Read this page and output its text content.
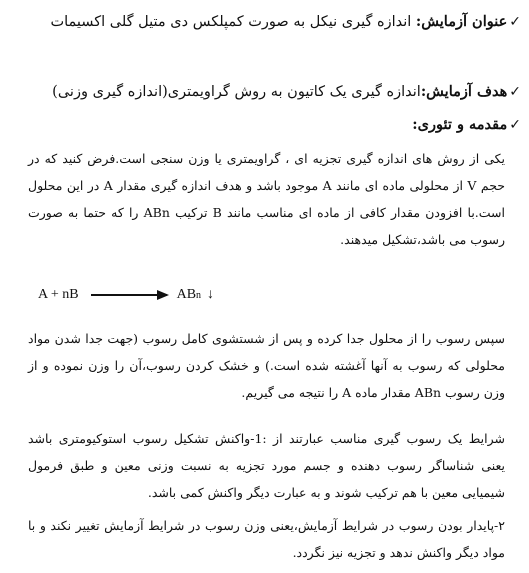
✓عنوان آزمایش: اندازه گیری نیکل به صورت کمپلکس دی متیل گلی اکسیمات
✓هدف آزمایش:اندازه گیری یک کاتیون به روش گراویمتری(اندازه گیری وزنی)
✓مقدمه و تئوری:
یکی از روش های اندازه گیری تجزیه ای ، گراویمتری یا وزن سنجی است.فرض کنید که در حجم V از محلولی ماده ای مانند A موجود باشد و هدف اندازه گیری مقدار A در این محلول است.با افزودن مقدار کافی از ماده ای مناسب مانند B ترکیب ABn را که حتما به صورت رسوب می باشد،تشکیل میدهند.
A + nB	AB n ↓
سپس رسوب را از محلول جدا کرده و پس از شستشوی کامل رسوب (جهت جدا شدن مواد محلولی که رسوب به آنها آغشته شده است.) و خشک کردن رسوب،آن را وزن نموده و از وزن رسوب ABn مقدار ماده A را نتیجه می گیریم.
شرایط یک رسوب گیری مناسب عبارتند از :1-واکنش تشکیل رسوب استوکیومتری باشد یعنی شناساگر رسوب دهنده و جسم مورد تجزیه به نسبت وزنی معین و طبق فرمول شیمیایی معین با هم ترکیب شوند و به عبارت دیگر واکنش کمی باشد.
۲-پایدار بودن رسوب در شرایط آزمایش،یعنی وزن رسوب در شرایط آزمایش تغییر نکند و با مواد دیگر واکنش ندهد و تجزیه نیز نگردد.
